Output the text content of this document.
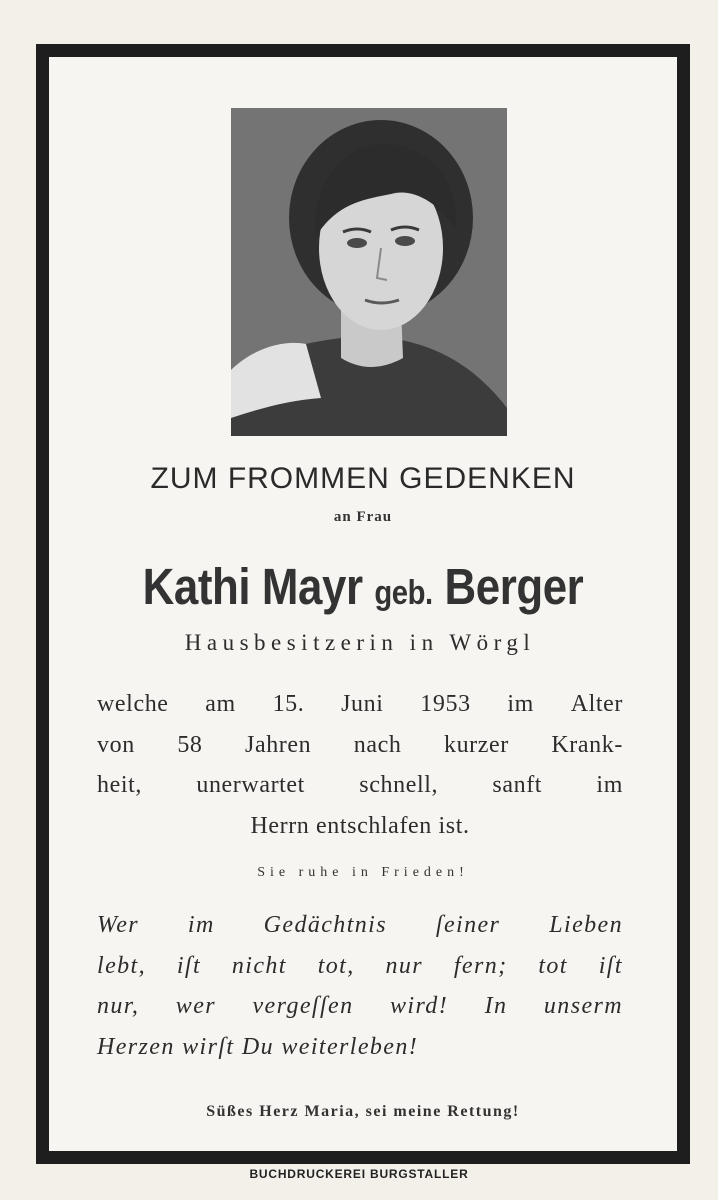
ZUM FROMMEN GEDENKEN
an Frau
Kathi Mayr geb. Berger
Hausbesitzerin in Wörgl
welche am 15. Juni 1953 im Alter
von 58 Jahren nach kurzer Krank-
heit, unerwartet schnell, sanft im
Herrn entschlafen ist.
Sie ruhe in Frieden!
Wer im Gedächtnis ſeiner Lieben
lebt, iſt nicht tot, nur fern; tot iſt
nur, wer vergeſſen wird! In unserm
Herzen wirſt Du weiterleben!
Süßes Herz Maria, sei meine Rettung!
BUCHDRUCKEREI BURGSTALLER
